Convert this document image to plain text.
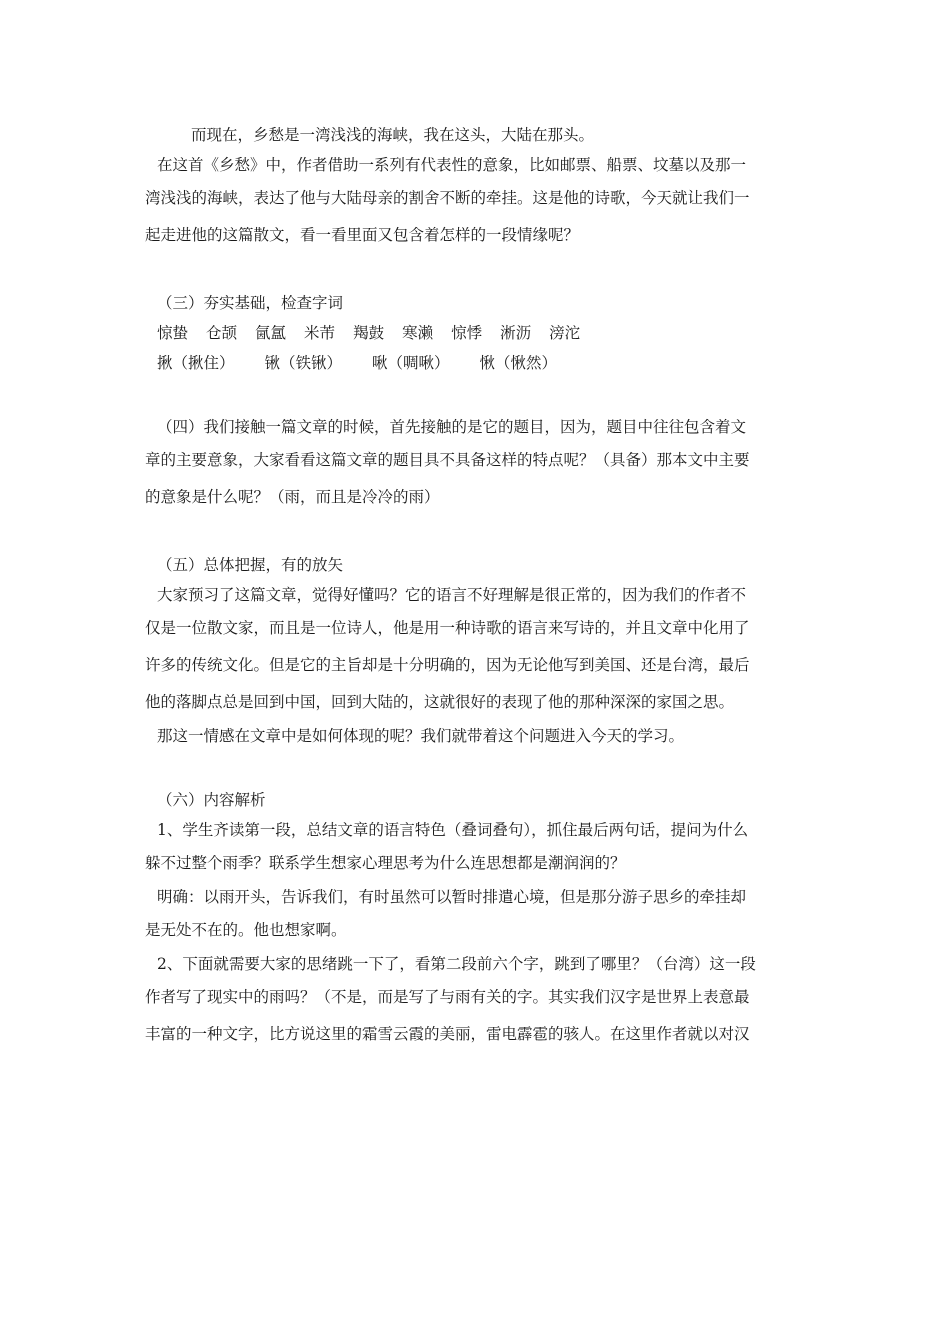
而现在，乡愁是一湾浅浅的海峡，我在这头，大陆在那头。
在这首《乡愁》中，作者借助一系列有代表性的意象，比如邮票、船票、坟墓以及那一
湾浅浅的海峡，表达了他与大陆母亲的割舍不断的牵挂。这是他的诗歌，今天就让我们一
起走进他的这篇散文，看一看里面又包含着怎样的一段情缘呢？
（三）夯实基础，检查字词
惊蛰 仓颉 氤氲 米芾 羯鼓 寒濑 惊悸 淅沥 滂沱
揪（揪住） 锹（铁锹） 啾（啁啾） 愀（愀然）
（四）我们接触一篇文章的时候，首先接触的是它的题目，因为，题目中往往包含着文
章的主要意象，大家看看这篇文章的题目具不具备这样的特点呢？（具备）那本文中主要
的意象是什么呢？（雨，而且是冷冷的雨）
（五）总体把握，有的放矢
大家预习了这篇文章，觉得好懂吗？它的语言不好理解是很正常的，因为我们的作者不
仅是一位散文家，而且是一位诗人，他是用一种诗歌的语言来写诗的，并且文章中化用了
许多的传统文化。但是它的主旨却是十分明确的，因为无论他写到美国、还是台湾，最后
他的落脚点总是回到中国，回到大陆的，这就很好的表现了他的那种深深的家国之思。
那这一情感在文章中是如何体现的呢？我们就带着这个问题进入今天的学习。
（六）内容解析
1、学生齐读第一段，总结文章的语言特色（叠词叠句），抓住最后两句话，提问为什么
躲不过整个雨季？联系学生想家心理思考为什么连思想都是潮润润的？
明确：以雨开头，告诉我们，有时虽然可以暂时排遣心境，但是那分游子思乡的牵挂却
是无处不在的。他也想家啊。
2、下面就需要大家的思绪跳一下了，看第二段前六个字，跳到了哪里？（台湾）这一段
作者写了现实中的雨吗？（不是，而是写了与雨有关的字。其实我们汉字是世界上表意最
丰富的一种文字，比方说这里的霜雪云霞的美丽，雷电霹雹的骇人。在这里作者就以对汉
